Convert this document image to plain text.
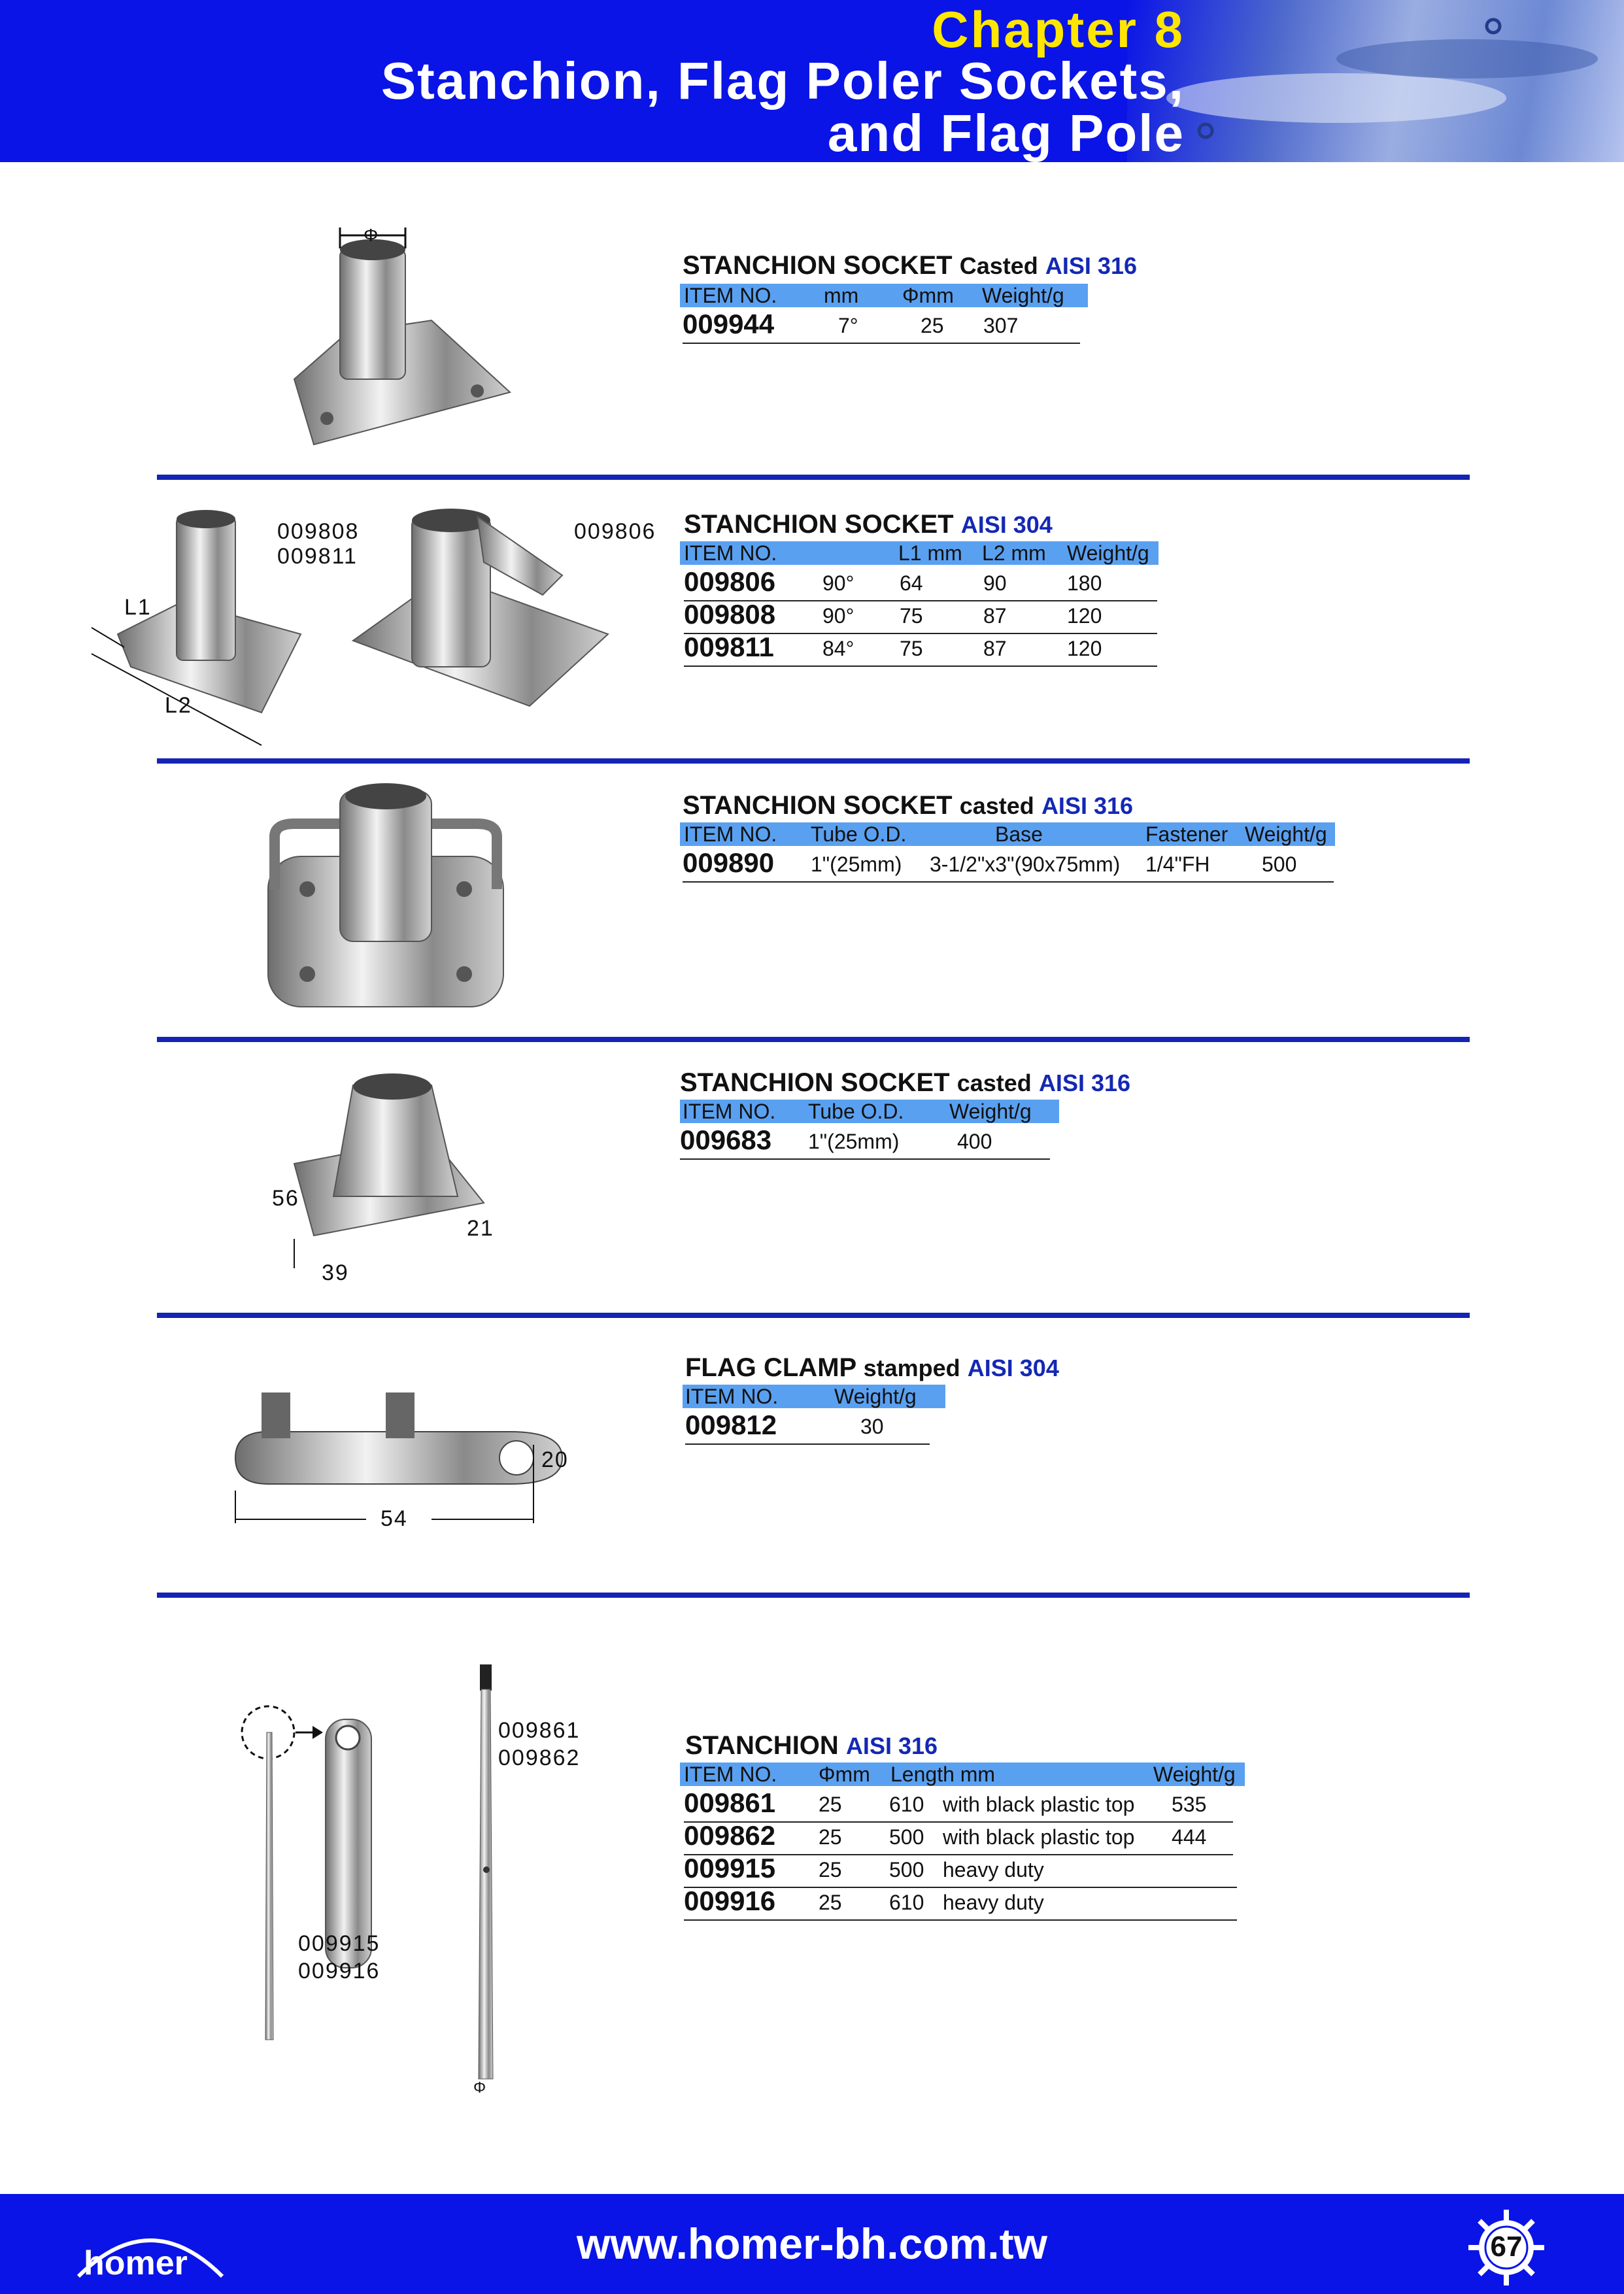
Chapter 8
Stanchion, Flag Poler Sockets,
and Flag Pole
Φ
STANCHION SOCKET Casted AISI 316
ITEM NO. mm Φmm Weight/g
009944	7°	25 307
009808
009811
009806
L1
L2
STANCHION SOCKET AISI 304
ITEM NO.	L1 mm L2 mm Weight/g
009806 90° 64	90	180
009808 90° 75	87	120
009811 84° 75	87	120
STANCHION SOCKET casted AISI 316
ITEM NO. Tube O.D.	Base	Fastener Weight/g
009890 1"(25mm) 3-1/2"x3"(90x75mm) 1/4"FH 500
56
21
39
STANCHION SOCKET casted AISI 316
ITEM NO. Tube O.D. Weight/g
009683 1"(25mm)	400
20
54
FLAG CLAMP stamped AISI 304
ITEM NO.	Weight/g
009812	30
009861
009862
009915
009916
Φ
STANCHION AISI 316
ITEM NO. Φmm Length mm	Weight/g
009861 25 610 with black plastic top 535
009862 25 500 with black plastic top 444
009915 25 500 heavy duty
009916 25 610 heavy duty
homer	www.homer-bh.com.tw	67
